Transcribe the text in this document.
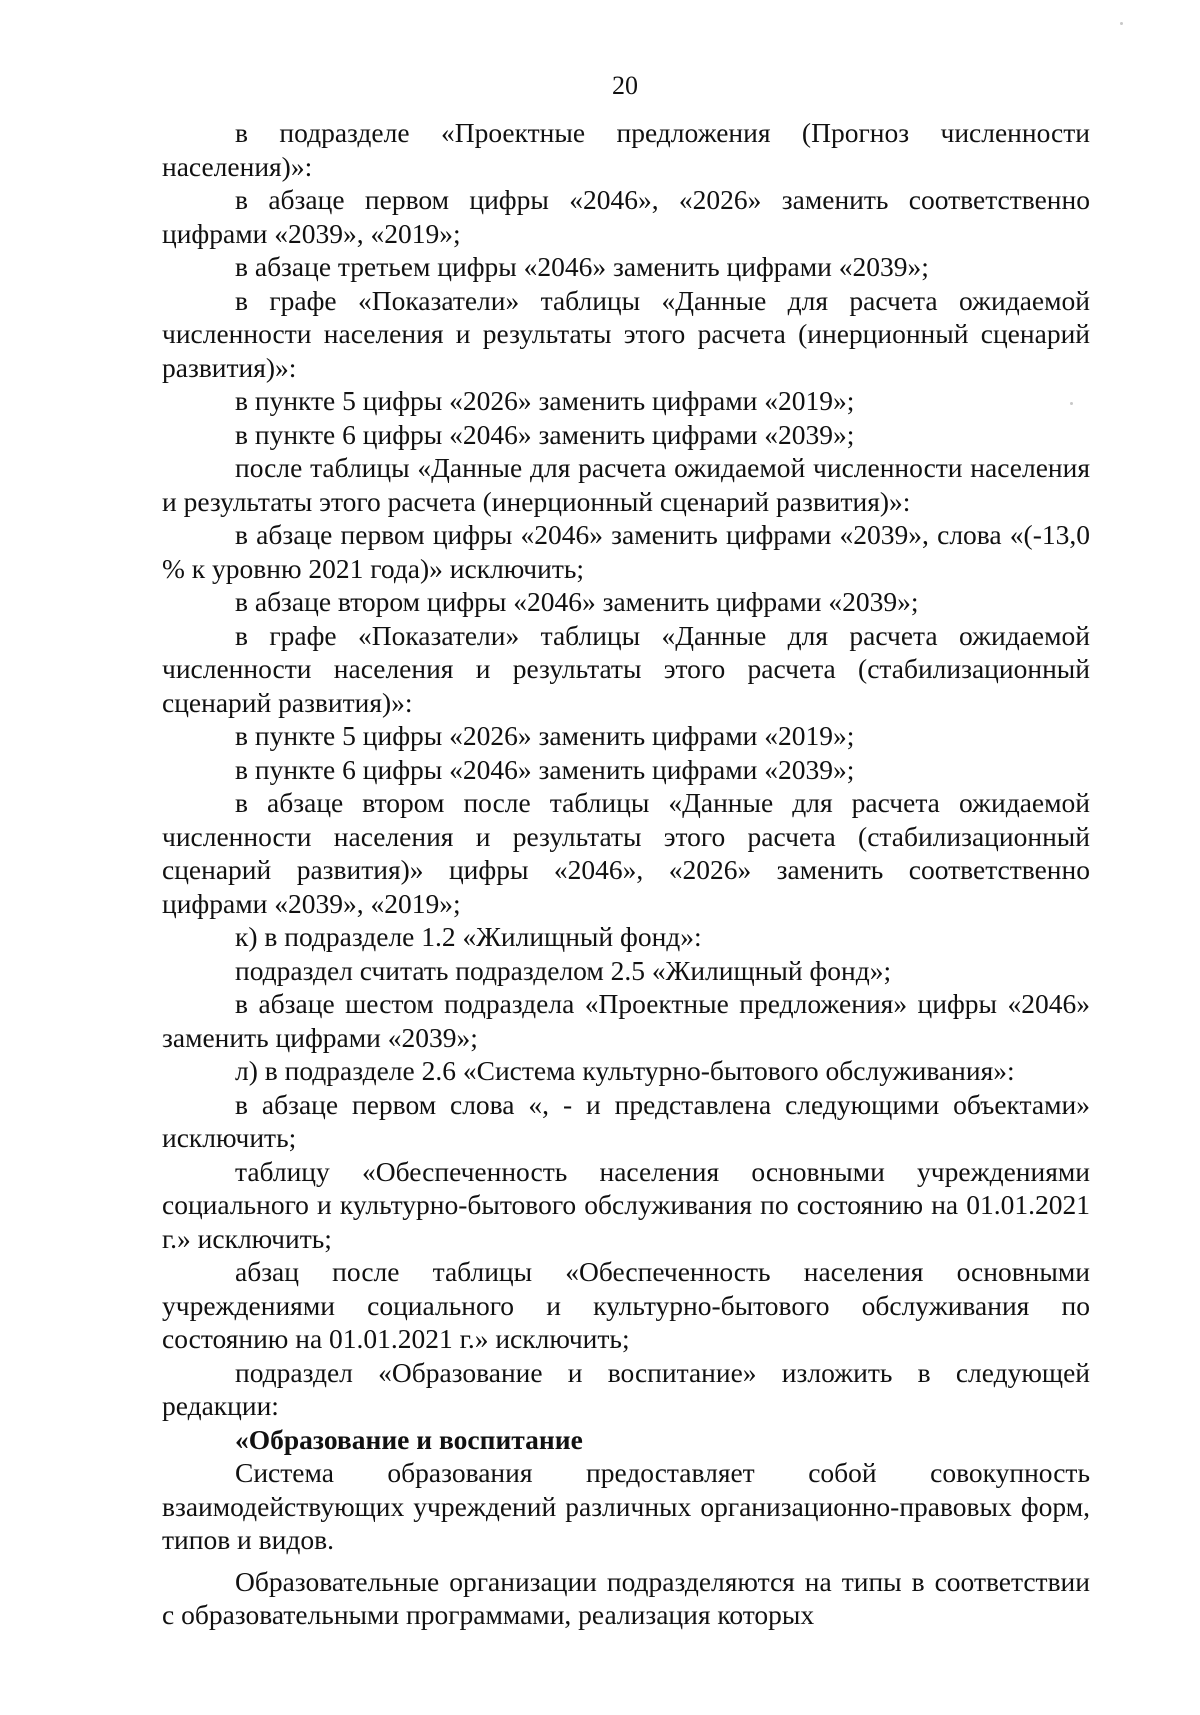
20

в подразделе «Проектные предложения (Прогноз численности населения)»:

в абзаце первом цифры «2046», «2026» заменить соответственно цифрами «2039», «2019»;

в абзаце третьем цифры «2046» заменить цифрами «2039»;

в графе «Показатели» таблицы «Данные для расчета ожидаемой численности населения и результаты этого расчета (инерционный сценарий развития)»:

в пункте 5 цифры «2026» заменить цифрами «2019»;

в пункте 6 цифры «2046» заменить цифрами «2039»;

после таблицы «Данные для расчета ожидаемой численности населения и результаты этого расчета (инерционный сценарий развития)»:

в абзаце первом цифры «2046» заменить цифрами «2039», слова «(-13,0 % к уровню 2021 года)» исключить;

в абзаце втором цифры «2046» заменить цифрами «2039»;

в графе «Показатели» таблицы «Данные для расчета ожидаемой численности населения и результаты этого расчета (стабилизационный сценарий развития)»:

в пункте 5 цифры «2026» заменить цифрами «2019»;

в пункте 6 цифры «2046» заменить цифрами «2039»;

в абзаце втором после таблицы «Данные для расчета ожидаемой численности населения и результаты этого расчета (стабилизационный сценарий развития)» цифры «2046», «2026» заменить соответственно цифрами «2039», «2019»;

к) в подразделе 1.2 «Жилищный фонд»:

подраздел считать подразделом 2.5 «Жилищный фонд»;

в абзаце шестом подраздела «Проектные предложения» цифры «2046» заменить цифрами «2039»;

л) в подразделе 2.6 «Система культурно-бытового обслуживания»:

в абзаце первом слова «, - и представлена следующими объектами» исключить;

таблицу «Обеспеченность населения основными учреждениями социального и культурно-бытового обслуживания по состоянию на 01.01.2021 г.» исключить;

абзац после таблицы «Обеспеченность населения основными учреждениями социального и культурно-бытового обслуживания по состоянию на 01.01.2021 г.» исключить;

подраздел «Образование и воспитание» изложить в следующей редакции:

«Образование и воспитание

Система образования предоставляет собой совокупность взаимодействующих учреждений различных организационно-правовых форм, типов и видов.

Образовательные организации подразделяются на типы в соответствии с образовательными программами, реализация которых
